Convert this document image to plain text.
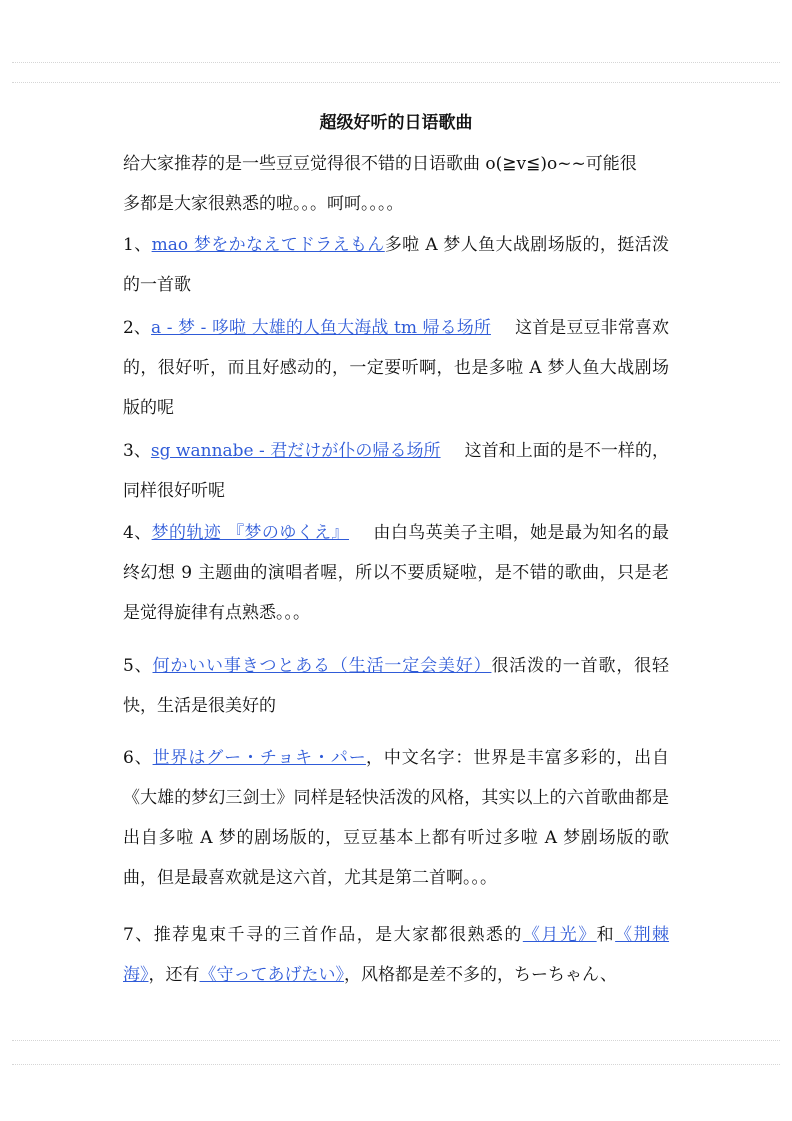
超级好听的日语歌曲

给大家推荐的是一些豆豆觉得很不错的日语歌曲 o(≧v≦)o~~可能很

多都是大家很熟悉的啦。。。呵呵。。。。

1、mao 梦をかなえてドラえもん多啦 A 梦人鱼大战剧场版的，挺活泼的一首歌
2、a - 梦 - 哆啦 大雄的人鱼大海战 tm 帰る场所 这首是豆豆非常喜欢的，很好听，而且好感动的，一定要听啊，也是多啦 A 梦人鱼大战剧场版的呢
3、sg wannabe - 君だけが仆の帰る场所 这首和上面的是不一样的，同样很好听呢
4、梦的轨迹 『梦のゆくえ』 由白鸟英美子主唱，她是最为知名的最终幻想 9 主题曲的演唱者喔，所以不要质疑啦，是不错的歌曲，只是老是觉得旋律有点熟悉。。。
5、何かいい事きつとある（生活一定会美好）很活泼的一首歌，很轻快，生活是很美好的
6、世界はグー・チョキ・パー，中文名字：世界是丰富多彩的，出自《大雄的梦幻三剑士》同样是轻快活泼的风格，其实以上的六首歌曲都是出自多啦 A 梦的剧场版的，豆豆基本上都有听过多啦 A 梦剧场版的歌曲，但是最喜欢就是这六首，尤其是第二首啊。。。
7、推荐鬼束千寻的三首作品，是大家都很熟悉的《月光》和《荆棘海》，还有《守ってあげたい》，风格都是差不多的，ちーちゃん、
